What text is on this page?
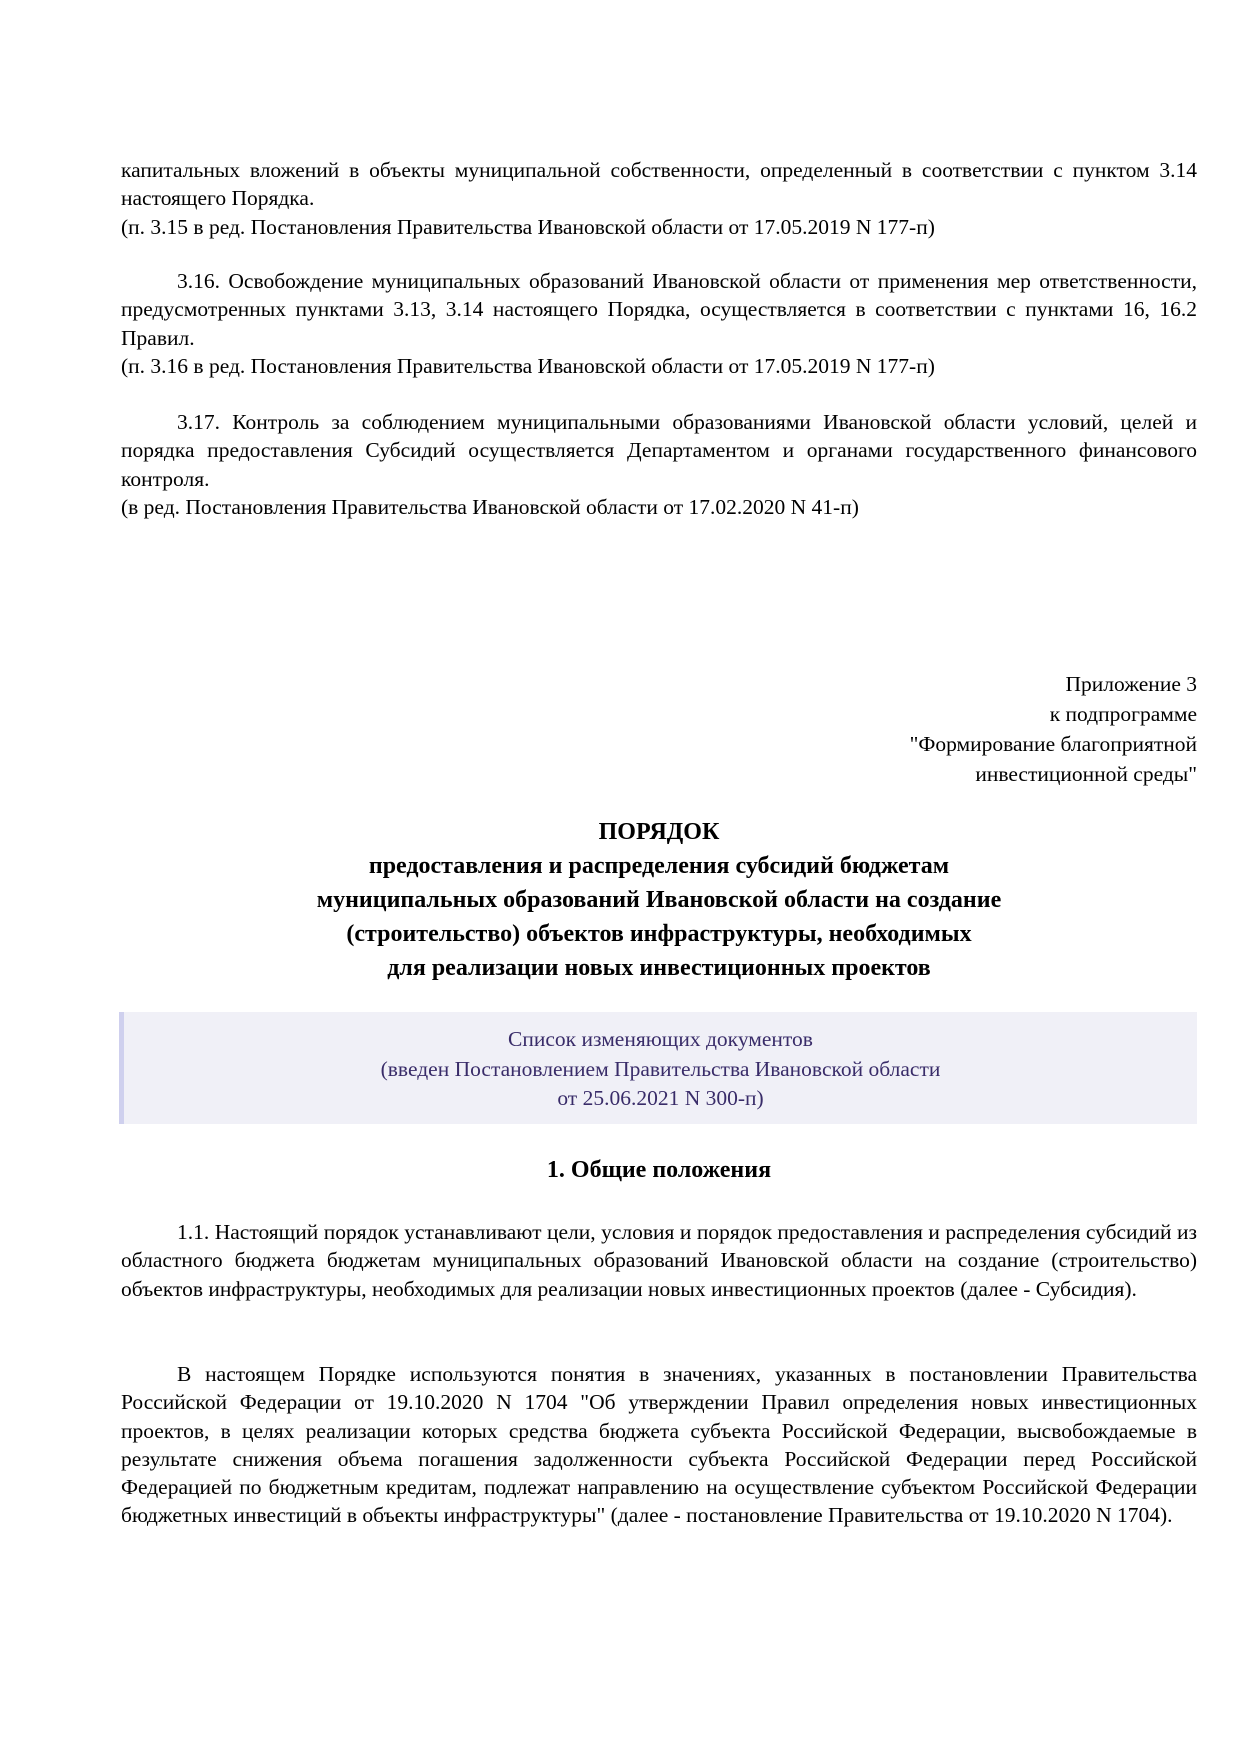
капитальных вложений в объекты муниципальной собственности, определенный в соответствии с пунктом 3.14 настоящего Порядка.

(п. 3.15 в ред. Постановления Правительства Ивановской области от 17.05.2019 N 177-п)

3.16. Освобождение муниципальных образований Ивановской области от применения мер ответственности, предусмотренных пунктами 3.13, 3.14 настоящего Порядка, осуществляется в соответствии с пунктами 16, 16.2 Правил.

(п. 3.16 в ред. Постановления Правительства Ивановской области от 17.05.2019 N 177-п)

3.17. Контроль за соблюдением муниципальными образованиями Ивановской области условий, целей и порядка предоставления Субсидий осуществляется Департаментом и органами государственного финансового контроля.

(в ред. Постановления Правительства Ивановской области от 17.02.2020 N 41-п)

Приложение 3
к подпрограмме
"Формирование благоприятной
инвестиционной среды"
ПОРЯДОК
предоставления и распределения субсидий бюджетам
муниципальных образований Ивановской области на создание
(строительство) объектов инфраструктуры, необходимых
для реализации новых инвестиционных проектов

Список изменяющих документов

(введен Постановлением Правительства Ивановской области

от 25.06.2021 N 300-п)

1. Общие положения

1.1. Настоящий порядок устанавливают цели, условия и порядок предоставления и распределения субсидий из областного бюджета бюджетам муниципальных образований Ивановской области на создание (строительство) объектов инфраструктуры, необходимых для реализации новых инвестиционных проектов (далее - Субсидия).

В настоящем Порядке используются понятия в значениях, указанных в постановлении Правительства Российской Федерации от 19.10.2020 N 1704 "Об утверждении Правил определения новых инвестиционных проектов, в целях реализации которых средства бюджета субъекта Российской Федерации, высвобождаемые в результате снижения объема погашения задолженности субъекта Российской Федерации перед Российской Федерацией по бюджетным кредитам, подлежат направлению на осуществление субъектом Российской Федерации бюджетных инвестиций в объекты инфраструктуры" (далее - постановление Правительства от 19.10.2020 N 1704).
